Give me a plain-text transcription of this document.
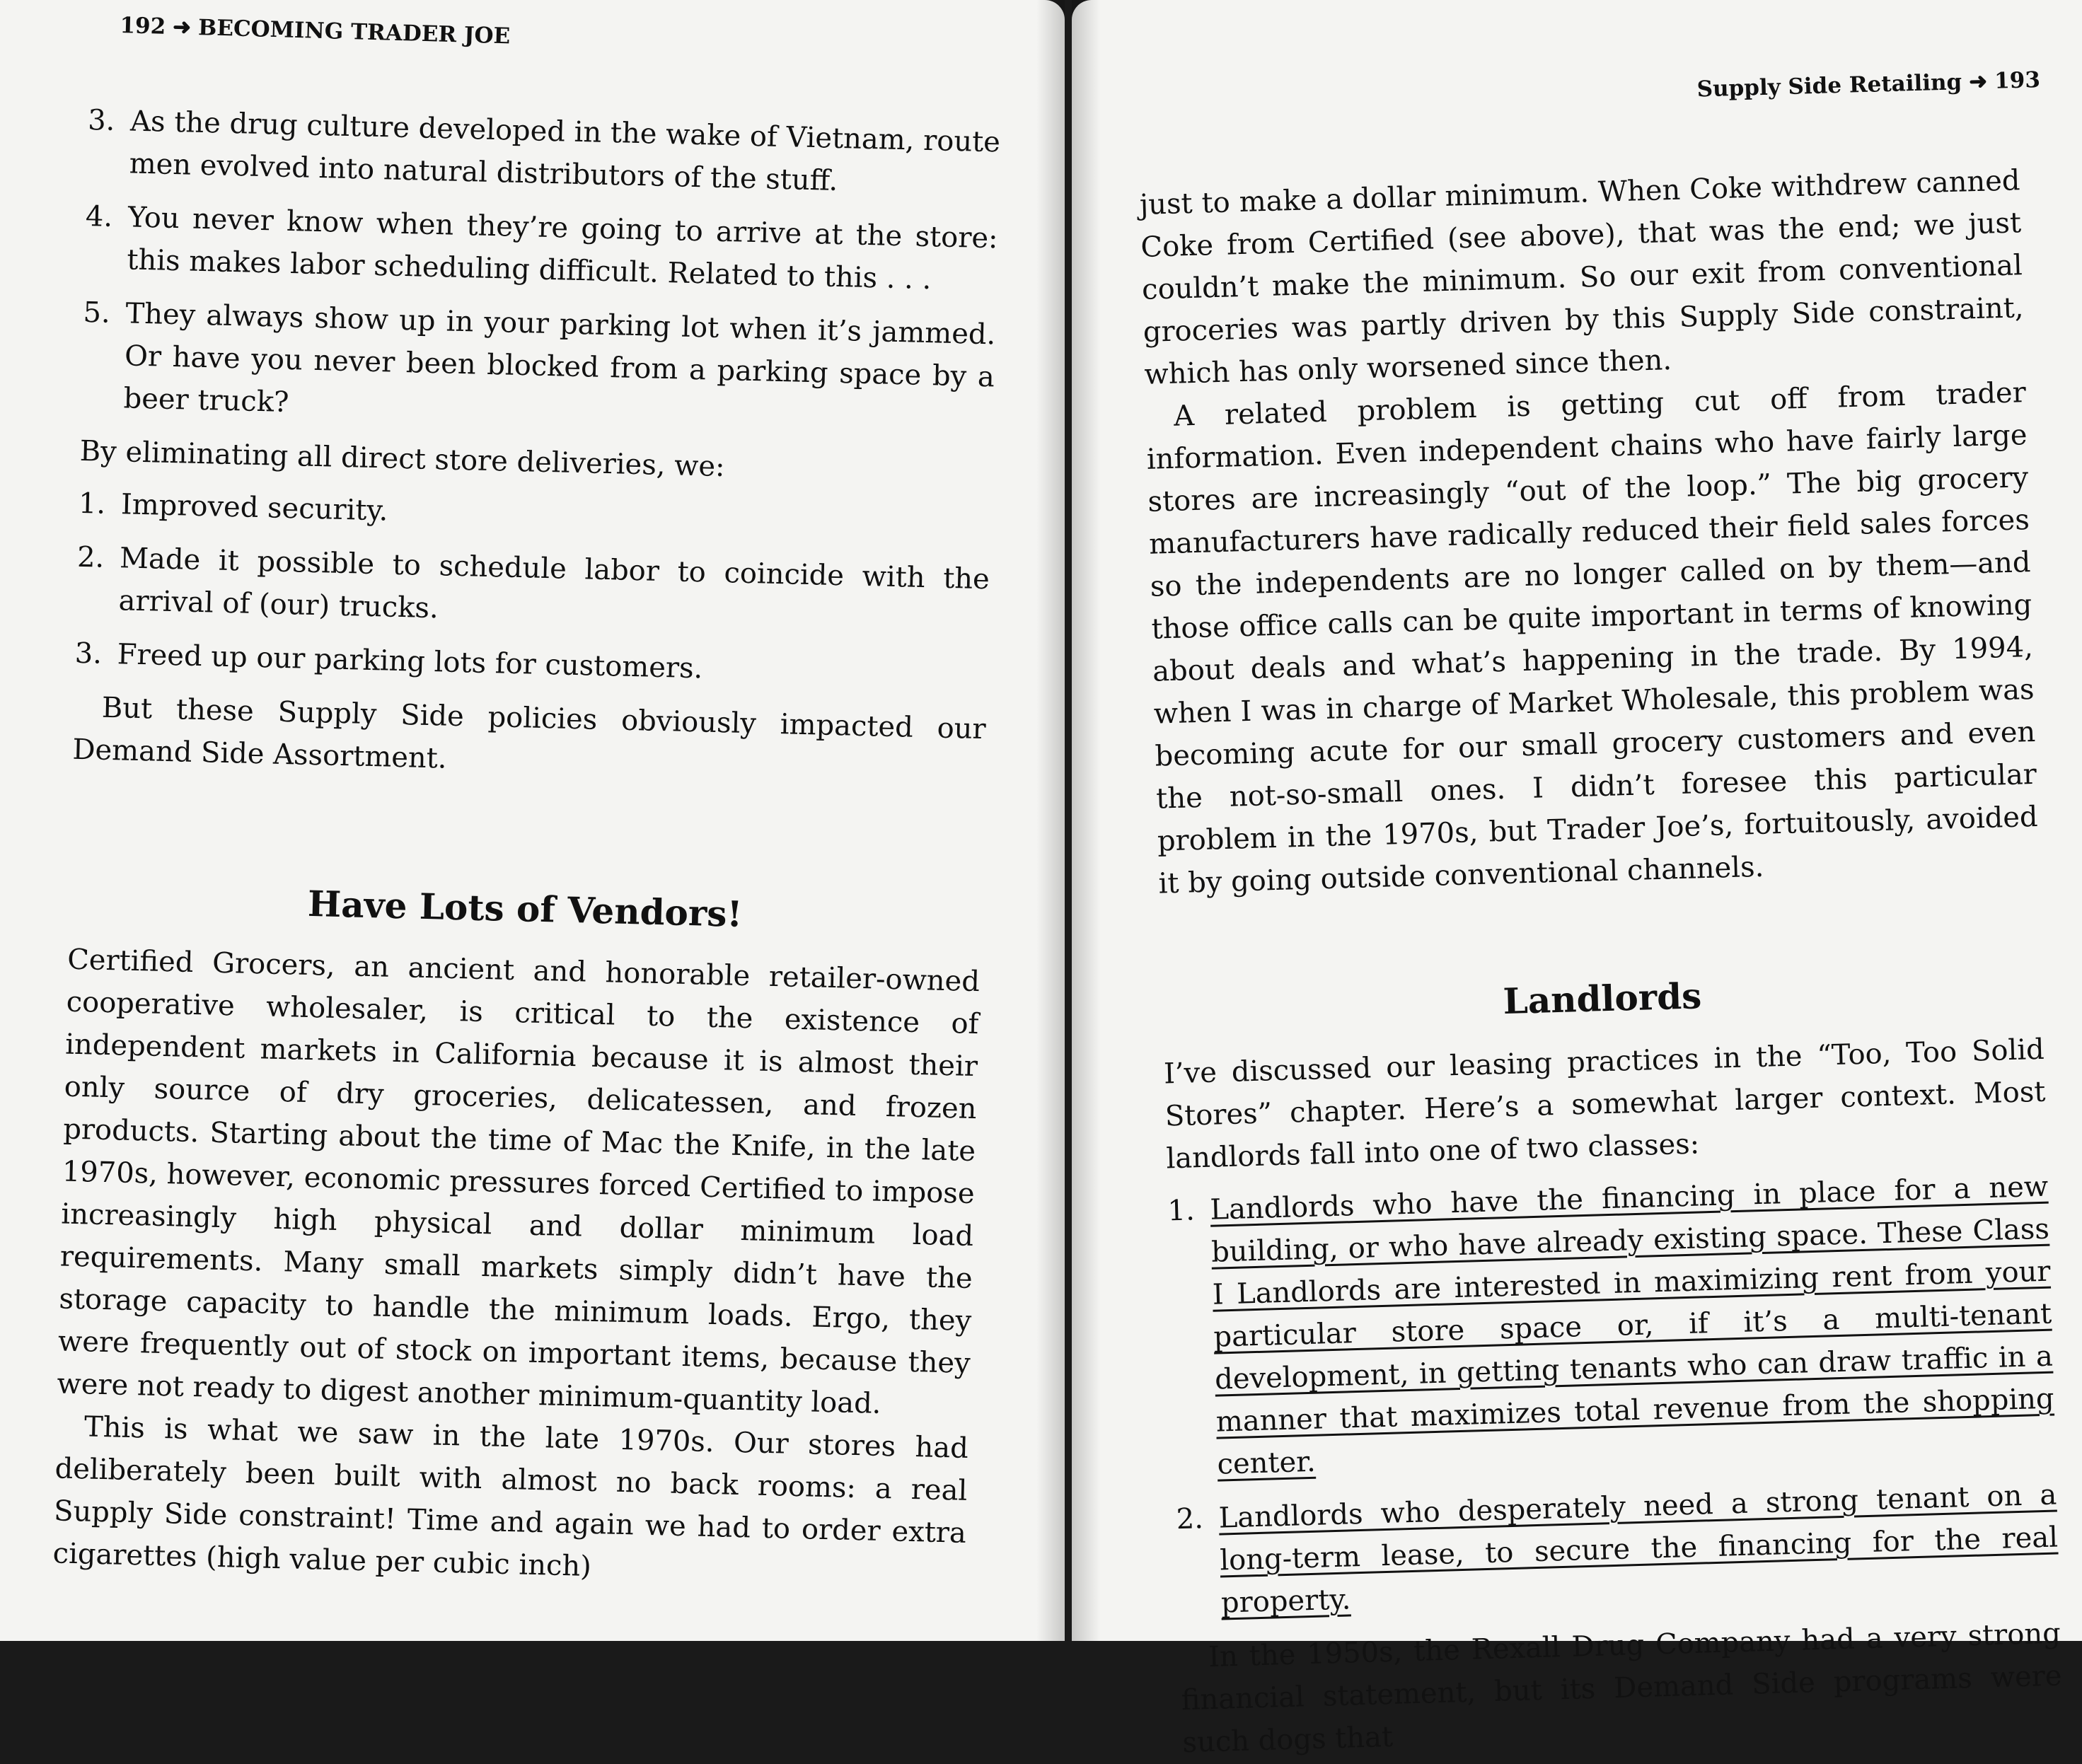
192 ➜ BECOMING TRADER JOE
3. As the drug culture developed in the wake of Vietnam, route men evolved into natural distributors of the stuff.
4. You never know when they’re going to arrive at the store: this makes labor scheduling difficult. Related to this . . .
5. They always show up in your parking lot when it’s jammed. Or have you never been blocked from a parking space by a beer truck?

By eliminating all direct store deliveries, we:

1. Improved security.
2. Made it possible to schedule labor to coincide with the arrival of (our) trucks.
3. Freed up our parking lots for customers.

But these Supply Side policies obviously impacted our Demand Side Assortment.

Have Lots of Vendors!

Certified Grocers, an ancient and honorable retailer-owned cooperative wholesaler, is critical to the existence of independent markets in California because it is almost their only source of dry groceries, delicatessen, and frozen products. Starting about the time of Mac the Knife, in the late 1970s, however, economic pressures forced Certified to impose increasingly high physical and dollar minimum load requirements. Many small markets simply didn’t have the storage capacity to handle the minimum loads. Ergo, they were frequently out of stock on important items, because they were not ready to digest another minimum-quantity load.

This is what we saw in the late 1970s. Our stores had deliberately been built with almost no back rooms: a real Supply Side constraint! Time and again we had to order extra cigarettes (high value per cubic inch)

Supply Side Retailing ➜ 193

just to make a dollar minimum. When Coke withdrew canned Coke from Certified (see above), that was the end; we just couldn’t make the minimum. So our exit from conventional groceries was partly driven by this Supply Side constraint, which has only worsened since then.

A related problem is getting cut off from trader information. Even independent chains who have fairly large stores are increasingly “out of the loop.” The big grocery manufacturers have radically reduced their field sales forces so the independents are no longer called on by them—and those office calls can be quite important in terms of knowing about deals and what’s happening in the trade. By 1994, when I was in charge of Market Wholesale, this problem was becoming acute for our small grocery customers and even the not-so-small ones. I didn’t foresee this particular problem in the 1970s, but Trader Joe’s, fortuitously, avoided it by going outside conventional channels.

Landlords

I’ve discussed our leasing practices in the “Too, Too Solid Stores” chapter. Here’s a somewhat larger context. Most landlords fall into one of two classes:

1. Landlords who have the financing in place for a new building, or who have already existing space. These Class I Landlords are interested in maximizing rent from your particular store space or, if it’s a multi-tenant development, in getting tenants who can draw traffic in a manner that maximizes total revenue from the shopping center.
2. Landlords who desperately need a strong tenant on a long-term lease, to secure the financing for the real property.

In the 1950s, the Rexall Drug Company had a very strong financial statement, but its Demand Side programs were such dogs that
